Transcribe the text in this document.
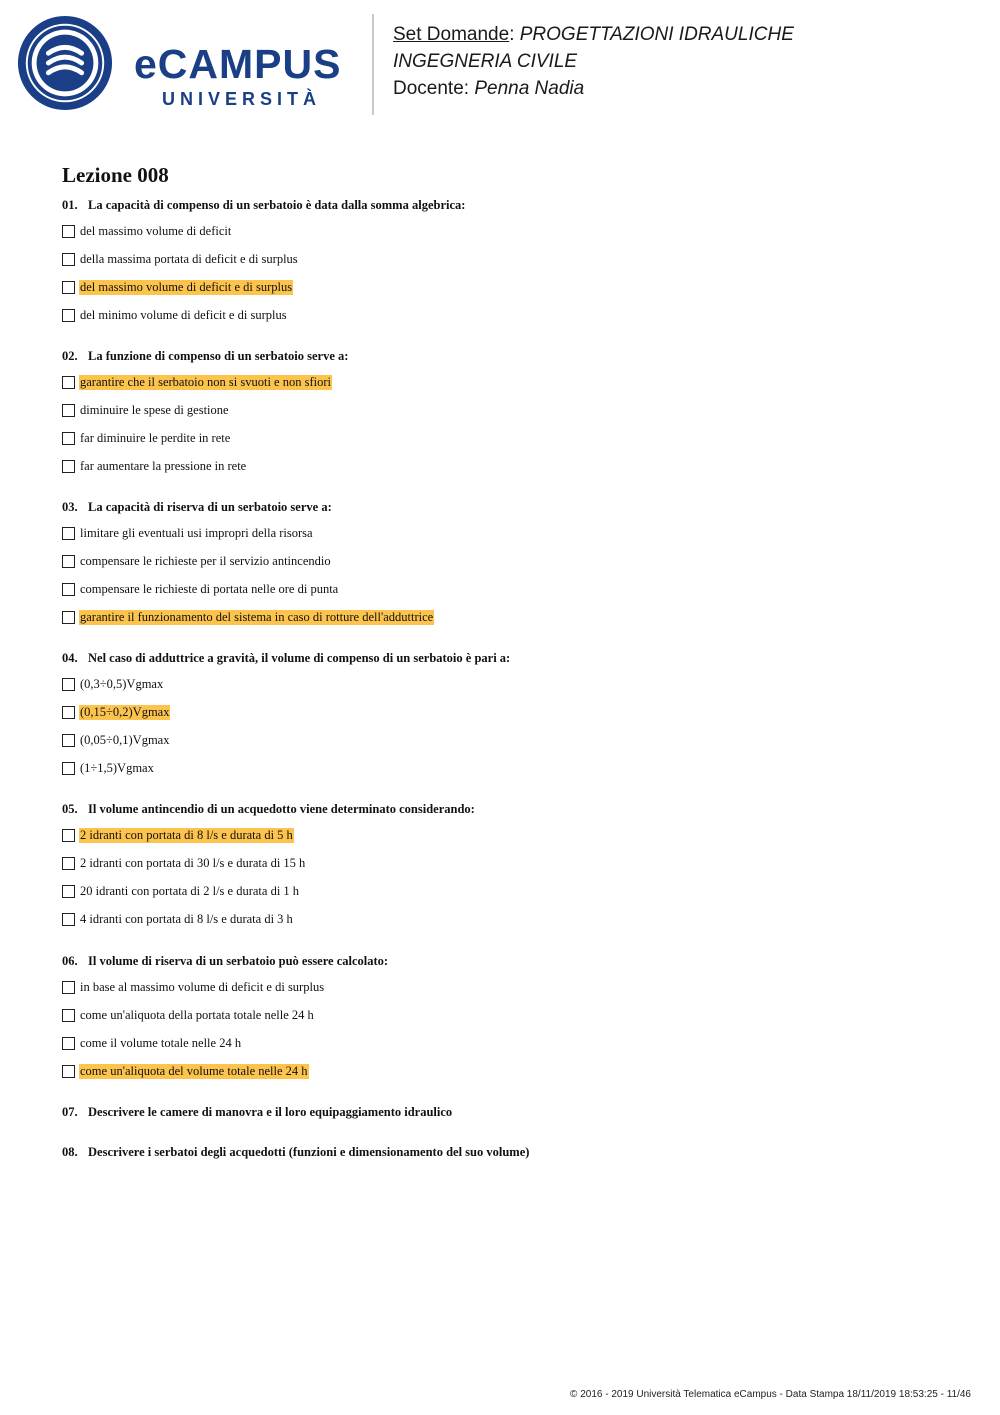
eCAMPUS
UNIVERSITÀ
Set Domande: PROGETTAZIONI IDRAULICHE
INGEGNERIA CIVILE
Docente: Penna Nadia
Lezione 008
01. La capacità di compenso di un serbatoio è data dalla somma algebrica:
del massimo volume di deficit
della massima portata di deficit e di surplus
del massimo volume di deficit e di surplus
del minimo volume di deficit e di surplus
02. La funzione di compenso di un serbatoio serve a:
garantire che il serbatoio non si svuoti e non sfiori
diminuire le spese di gestione
far diminuire le perdite in rete
far aumentare la pressione in rete
03. La capacità di riserva di un serbatoio serve a:
limitare gli eventuali usi impropri della risorsa
compensare le richieste per il servizio antincendio
compensare le richieste di portata nelle ore di punta
garantire il funzionamento del sistema in caso di rotture dell'adduttrice
04. Nel caso di adduttrice a gravità, il volume di compenso di un serbatoio è pari a:
(0,3÷0,5)Vgmax
(0,15÷0,2)Vgmax
(0,05÷0,1)Vgmax
(1÷1,5)Vgmax
05. Il volume antincendio di un acquedotto viene determinato considerando:
2 idranti con portata di 8 l/s e durata di 5 h
2 idranti con portata di 30 l/s e durata di 15 h
20 idranti con portata di 2 l/s e durata di 1 h
4 idranti con portata di 8 l/s e durata di 3 h
06. Il volume di riserva di un serbatoio può essere calcolato:
in base al massimo volume di deficit e di surplus
come un'aliquota della portata totale nelle 24 h
come il volume totale nelle 24 h
come un'aliquota del volume totale nelle 24 h
07. Descrivere le camere di manovra e il loro equipaggiamento idraulico
08. Descrivere i serbatoi degli acquedotti (funzioni e dimensionamento del suo volume)
© 2016 - 2019 Università Telematica eCampus - Data Stampa 18/11/2019 18:53:25 - 11/46
